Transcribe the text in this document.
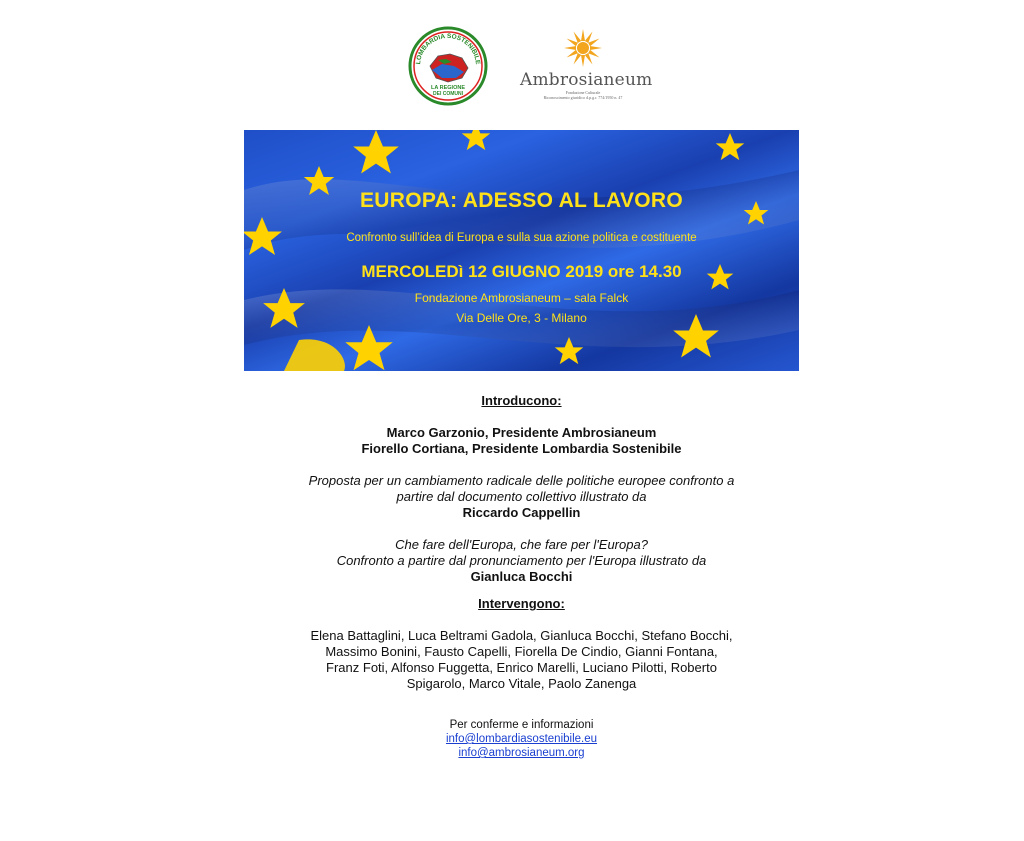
LOMBARDIA SOSTENIBILE
LA REGIONE
DEI COMUNI
Ambrosianeum
Fondazione Culturale
Riconoscimento giuridico d.p.g.r. 774/1950 n. 47
EUROPA: ADESSO AL LAVORO
Confronto sull’idea di Europa e sulla sua azione politica e costituente
MERCOLEDì 12 GIUGNO 2019 ore 14.30
Fondazione Ambrosianeum – sala Falck
Via Delle Ore, 3 - Milano
Introducono:
Marco Garzonio, Presidente Ambrosianeum
Fiorello Cortiana, Presidente Lombardia Sostenibile
Proposta per un cambiamento radicale delle politiche europee confronto a
partire dal documento collettivo illustrato da
Riccardo Cappellin
Che fare dell'Europa, che fare per l'Europa?
Confronto a partire dal pronunciamento per l'Europa illustrato da
Gianluca Bocchi
Intervengono:
Elena Battaglini, Luca Beltrami Gadola, Gianluca Bocchi, Stefano Bocchi,
Massimo Bonini, Fausto Capelli, Fiorella De Cindio, Gianni Fontana,
Franz Foti, Alfonso Fuggetta, Enrico Marelli, Luciano Pilotti, Roberto
Spigarolo, Marco Vitale, Paolo Zanenga
Per conferme e informazioni
info@lombardiasostenibile.eu
info@ambrosianeum.org
